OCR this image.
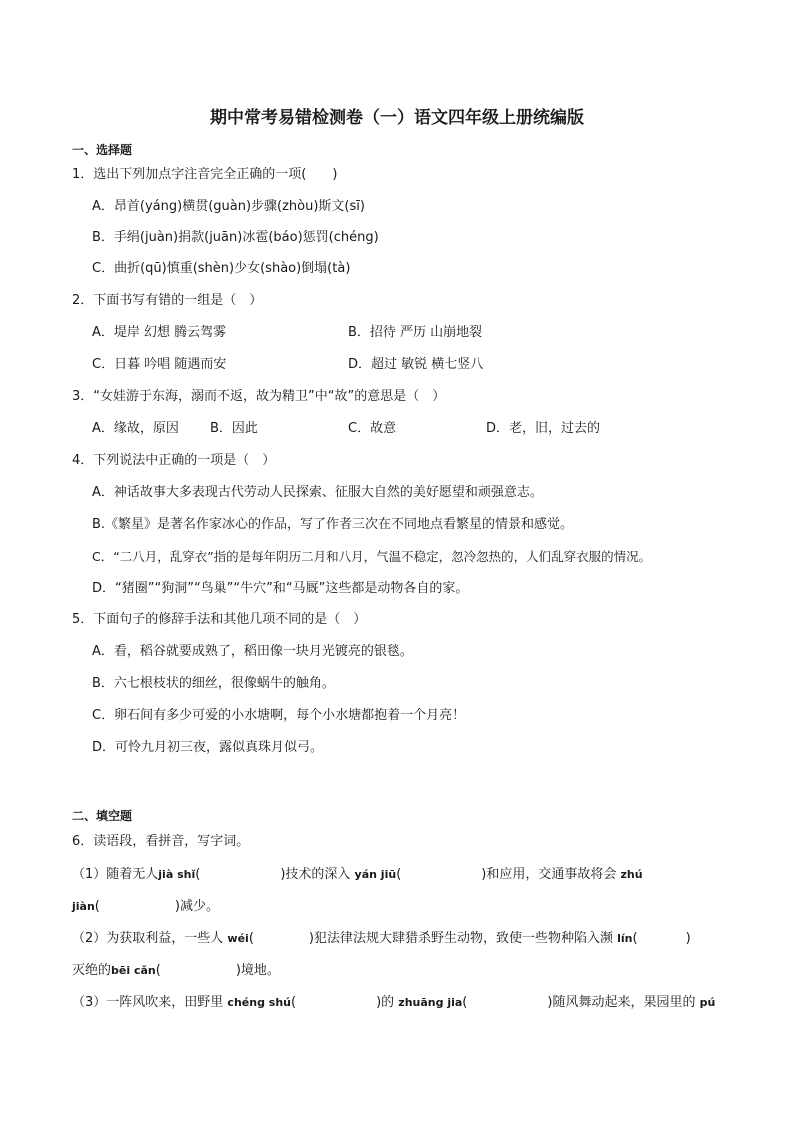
期中常考易错检测卷（一）语文四年级上册统编版
一、选择题
1．选出下列加点字注音完全正确的一项(　　)
A．昂首(yáng)横贯(guàn)步骤(zhòu)斯文(sī)
B．手绢(juàn)捐款(juān)冰雹(báo)惩罚(chéng)
C．曲折(qū)慎重(shèn)少女(shào)倒塌(tà)
2．下面书写有错的一组是（　）
A．堤岸 幻想 腾云驾雾	B．招待 严历 山崩地裂
C．日暮 吟唱 随遇而安	D．超过 敏锐 横七竖八
3．“女娃游于东海，溺而不返，故为精卫”中“故”的意思是（　）
A．缘故，原因 B．因此	C．故意	D．老，旧，过去的
4．下列说法中正确的一项是（　）
A．神话故事大多表现古代劳动人民探索、征服大自然的美好愿望和顽强意志。
B.《繁星》是著名作家冰心的作品，写了作者三次在不同地点看繁星的情景和感觉。
C．“二八月，乱穿衣”指的是每年阴历二月和八月，气温不稳定，忽冷忽热的，人们乱穿衣服的情况。
D．“猪圈”“狗洞”“鸟巢”“牛穴”和“马厩”这些都是动物各自的家。
5．下面句子的修辞手法和其他几项不同的是（　）
A．看，稻谷就要成熟了，稻田像一块月光镀亮的银毯。
B．六七根枝状的细丝，很像蜗牛的触角。
C．卵石间有多少可爱的小水塘啊，每个小水塘都抱着一个月亮！
D．可怜九月初三夜，露似真珠月似弓。
二、填空题
6．读语段，看拼音，写字词。
（1）随着无人jià shǐ(	)技术的深入 yán jiū(	)和应用，交通事故将会 zhú
jiàn(	)减少。
（2）为获取利益，一些人 wéi(	)犯法律法规大肆猎杀野生动物，致使一些物种陷入濒 lín(	)
灭绝的bēi cǎn(	)境地。
（3）一阵风吹来，田野里 chéng shú(	)的 zhuāng jia(	)随风舞动起来，果园里的 pú
